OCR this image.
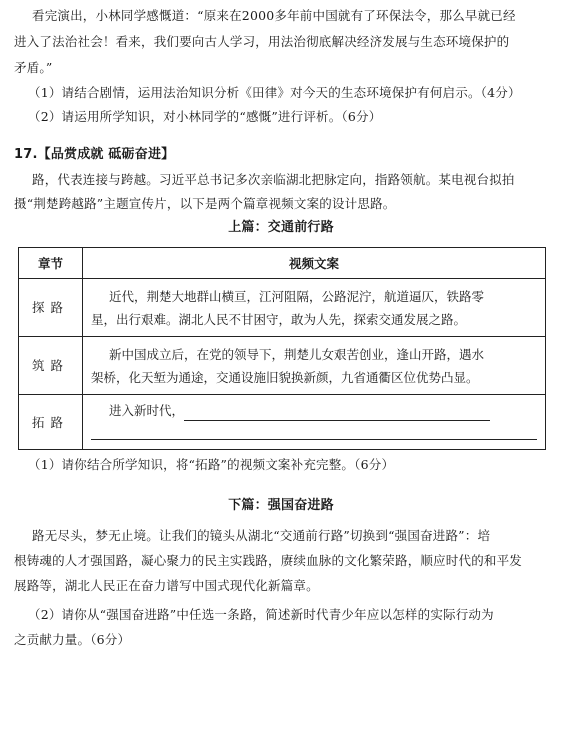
看完演出，小林同学感慨道：“原来在2000多年前中国就有了环保法令，那么早就已经
进入了法治社会！看来，我们要向古人学习，用法治彻底解决经济发展与生态环境保护的
矛盾。”
（1）请结合剧情，运用法治知识分析《田律》对今天的生态环境保护有何启示。（4分）
（2）请运用所学知识，对小林同学的“感慨”进行评析。（6分）
17.【品赏成就 砥砺奋进】
路，代表连接与跨越。习近平总书记多次亲临湖北把脉定向，指路领航。某电视台拟拍
摄“荆楚跨越路”主题宣传片，以下是两个篇章视频文案的设计思路。
上篇：交通前行路
章节	视频文案
探路	近代，荆楚大地群山横亘，江河阻隔，公路泥泞，航道逼仄，铁路零
星，出行艰难。湖北人民不甘困守，敢为人先，探索交通发展之路。

筑路	新中国成立后，在党的领导下，荆楚儿女艰苦创业，逢山开路，遇水
架桥，化天堑为通途，交通设施旧貌换新颜，九省通衢区位优势凸显。

拓路	进入新时代，
（1）请你结合所学知识，将“拓路”的视频文案补充完整。（6分）
下篇：强国奋进路
路无尽头，梦无止境。让我们的镜头从湖北“交通前行路”切换到“强国奋进路”：培
根铸魂的人才强国路，凝心聚力的民主实践路，赓续血脉的文化繁荣路，顺应时代的和平发
展路等，湖北人民正在奋力谱写中国式现代化新篇章。
（2）请你从“强国奋进路”中任选一条路，简述新时代青少年应以怎样的实际行动为
之贡献力量。（6分）
